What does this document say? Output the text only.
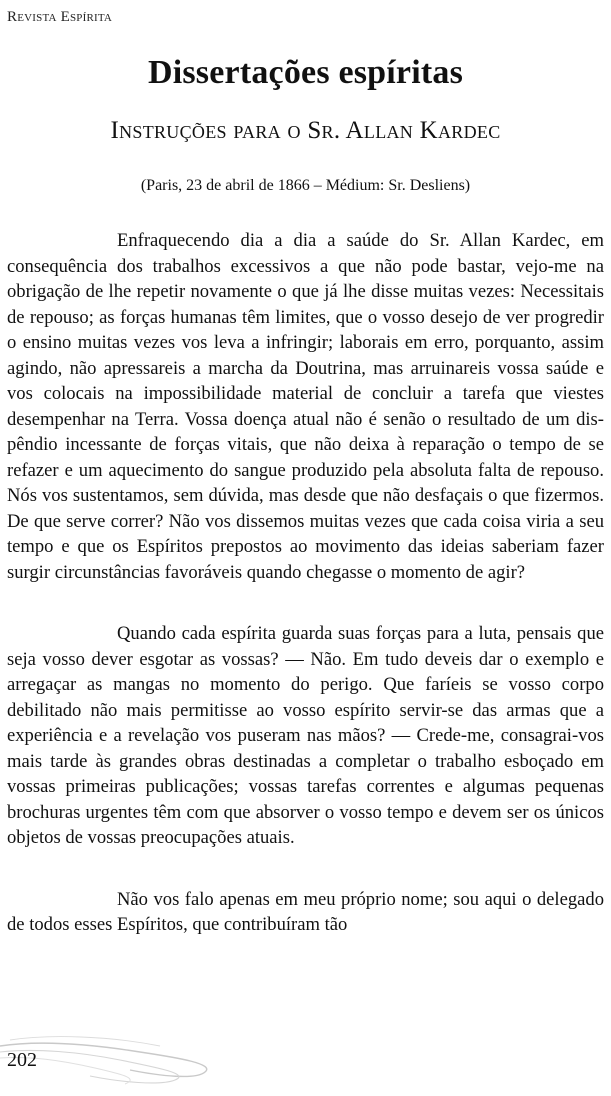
Revista Espírita
Dissertações espíritas
Instruções para o Sr. Allan Kardec
(Paris, 23 de abril de 1866 – Médium: Sr. Desliens)

Enfraquecendo dia a dia a saúde do Sr. Allan Kardec, em consequência dos trabalhos excessivos a que não pode bastar, vejo-me na obrigação de lhe repetir novamente o que já lhe disse muitas vezes: Necessitais de repouso; as forças humanas têm limites, que o vosso desejo de ver progredir o ensino muitas vezes vos leva a infringir; laborais em erro, porquanto, assim agindo, não apressareis a marcha da Doutrina, mas arruinareis vossa saúde e vos colocais na impossibilidade material de concluir a tarefa que viestes desempenhar na Terra. Vossa doença atual não é senão o resultado de um dispêndio incessante de forças vitais, que não deixa à reparação o tempo de se refazer e um aquecimento do sangue produzido pela absoluta falta de repouso. Nós vos sustentamos, sem dúvida, mas desde que não desfaçais o que fizermos. De que serve correr? Não vos dissemos muitas vezes que cada coisa viria a seu tempo e que os Espíritos prepostos ao movimento das ideias saberiam fazer surgir circunstâncias favoráveis quando chegasse o momento de agir?

Quando cada espírita guarda suas forças para a luta, pensais que seja vosso dever esgotar as vossas? — Não. Em tudo deveis dar o exemplo e arregaçar as mangas no momento do perigo. Que faríeis se vosso corpo debilitado não mais permitisse ao vosso espírito servir-se das armas que a experiência e a revelação vos puseram nas mãos? — Crede-me, consagrai-vos mais tarde às grandes obras destinadas a completar o trabalho esboçado em vossas primeiras publicações; vossas tarefas correntes e algumas pequenas brochuras urgentes têm com que absorver o vosso tempo e devem ser os únicos objetos de vossas preocupações atuais.

Não vos falo apenas em meu próprio nome; sou aqui o delegado de todos esses Espíritos, que contribuíram tão

202
